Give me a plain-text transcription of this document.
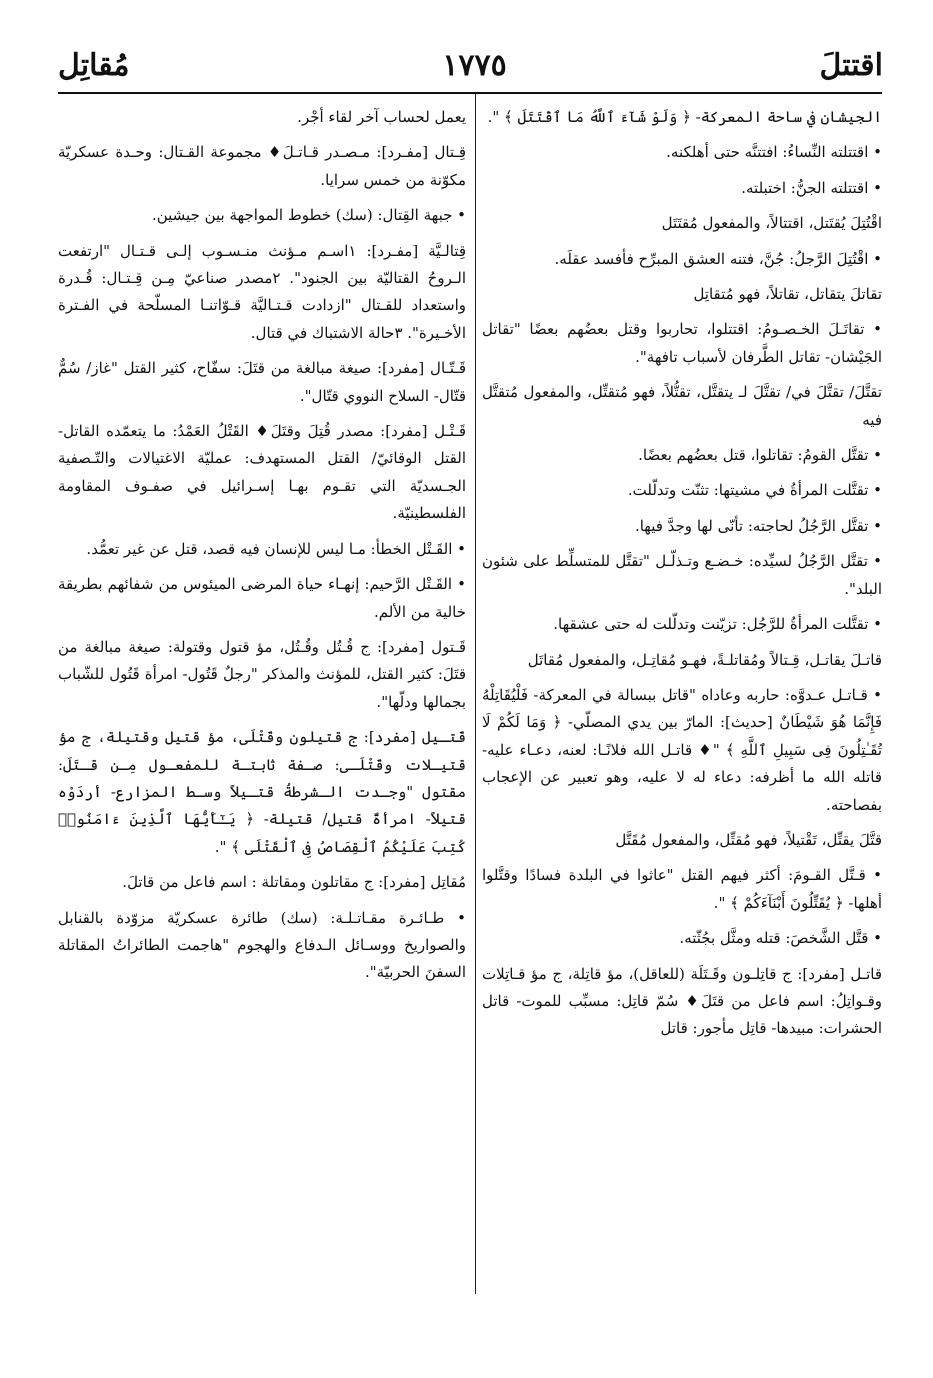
اقتتلَ
١٧٧٥
مُقاتِل

الجيشان في ساحة المعركة- ﴿ وَلَوْ شَآءَ ٱللَّهُ مَا ٱقْتَتَلَ ﴾ ".

• اقتتلته النِّساءُ: افتتنَّه حتى أهلكنه.

• اقتتلته الجنُّ: اختبلته.

اقْتُتِلَ يُقتَتل، اقتتالاً، والمفعول مُقتَتَل

• اقْتُتِلَ الرَّجلُ: جُنَّ، فتنه العشق المبرِّح فأفسد عقلَه.

تقاتلَ يتقاتل، تقاتلاً، فهو مُتقاتِل

• تقاتَـلَ الخـصـومُ: اقتتلوا، تحاربوا وقتل بعضُهم بعضًا "تقاتل الجَيْشان- تقاتل الطَّرفان لأسباب تافهة".

تقتَّلَ/ تقتَّلَ في/ تقتَّلَ لـ يتقتَّل، تقتُّلاً، فهو مُتقتِّل، والمفعول مُتقتَّل فيه

• تقتَّل القومُ: تقاتلوا، قتل بعضُهم بعضًا.

• تقتَّلت المرأةُ في مشيتها: تثنّت وتدلّلت.

• تقتَّل الرَّجُلُ لحاجته: تأنّى لها وجدَّ فيها.

• تقتَّل الرَّجُلُ لسيِّده: خـضـع وتـذلّـل "تقتَّل للمتسلِّط على شئون البلد".

• تقتَّلت المرأةُ للرَّجُل: تزيّنت وتدلّلت له حتى عشقها.

قاتـلَ يقاتـل، قِـتالاً ومُقاتلـةً، فهـو مُقاتِـل، والمفعول مُقاتَل

• قـاتـل عـدوَّه: حاربه وعاداه "قاتل ببسالة في المعركة- فَلْيُقَاتِلْهُ فَإِنَّمَا هُوَ شَيْطَانٌ [حديث]: المارّ بين يدي المصلّي- ﴿ وَمَا لَكُمْ لَا تُقَـٰتِلُونَ فِى سَبِيلِ ٱللَّهِ ﴾ "♦ قاتـل الله فلانًـا: لعنه، دعـاء عليه- قاتله الله ما أظرفه: دعاء له لا عليه، وهو تعبير عن الإعجاب بفصاحته.

قتَّلَ يقتِّل، تَقْتيلاً، فهو مُقتِّل، والمفعول مُقَتَّل

• قـتَّل القـومَ: أكثر فيهم القتل "عاثوا في البلدة فسادًا وقتَّلوا أهلها- ﴿ يُقَتِّلُونَ أَبْنَآءَكُمْ ﴾ ".

• قتَّل الشَّخصَ: قتله ومثَّل بجُثّته.

قاتـل [مفرد]: ج قاتِلـون وقَـتَلَة (للعاقل)، مؤ قاتِلة، ج مؤ قـاتِلات وقـواتِلُ: اسم فاعل من قتَلَ♦ سُمّ قاتِل: مسبِّب للموت- قاتل الحشرات: مبيدها- قاتِل مأجور: قاتل

يعمل لحساب آخر لقاء أجْر.

قِـتال [مفـرد]: مـصـدر قـاتـلَ♦ مجموعة القـتال: وحـدة عسكريّة مكوّنة من خمس سرايا.

• جبهة القِتال: (سك) خطوط المواجهة بين جيشين.

قِتالـيَّة [مفـرد]: ١اسـم مـؤنث منـسـوب إلـى قـتـال "ارتفعت الـروحُ القتاليّة بين الجنود". ٢مصدر صناعيّ مِـن قِـتـال: قُـدرة واستعداد للقـتال "ازدادت قـتـاليَّة قـوّاتنـا المسلّحة في الفـترة الأخـيرة". ٣حالة الاشتباك في قتال.

قَـتّـال [مفرد]: صيغة مبالغة من قتَلَ: سفّاح، كثير القتل "غاز/ سُمٌّ قتّال- السلاح النووي قتّال".

قَـتْـل [مفرد]: مصدر قُتِلَ وقتَلَ♦ القَتْلُ العَمْدُ: ما يتعمّده القاتل- القتل الوقائيّ/ القتل المستهدف: عمليّة الاغتيالات والتّـصفية الجـسديّة التي تقـوم بهـا إسـرائيل في صفـوف المقاومة الفلسطينيّة.

• القَـتْل الخطأ: مـا ليس للإنسان فيه قصد، قتل عن غير تعمُّد.

• القَـتْل الرَّحيم: إنهـاء حياة المرضى الميئوس من شفائهم بطريقة خالية من الألم.

قَـتول [مفرد]: ج قُـتُل وقُـتُل، مؤ قتول وقتولة: صيغة مبالغة من قتَلَ: كثير القتل، للمؤنث والمذكر "رجلٌ قَتُول- امرأة قَتُول للشّباب بجمالها ودلّها".

قَتـيل [مفرد]: ج قتيلون وقَتْلَى، مؤ قتيل وقتيلة، ج مؤ قتيـلات وقَتْلَـى: صـفة ثابتـة للمفعـول مِـن قـتَلَ: مقتول "وجـدت الـشرطةُ قتـيلاً وسـط المزارع- أردَوْه قتيلاً- امرأةٌ قتيل/ قتيلة- ﴿ يَـٰٓأَيُّهَا ٱلَّذِينَ ءَامَنُوا۟ كُتِبَ عَلَيْكُمُ ٱلْقِصَاصُ فِى ٱلْقَتْلَى ﴾ ".

مُقاتِل [مفرد]: ج مقاتلون ومقاتلة : اسم فاعل من قاتلَ.

• طـائـرة مقـاتـلـة: (سك) طائرة عسكريّة مزوّدة بالقنابل والصواريخ ووسـائل الـدفاع والهجوم "هاجمت الطائراتُ المقاتلة السفنَ الحربيّة".
